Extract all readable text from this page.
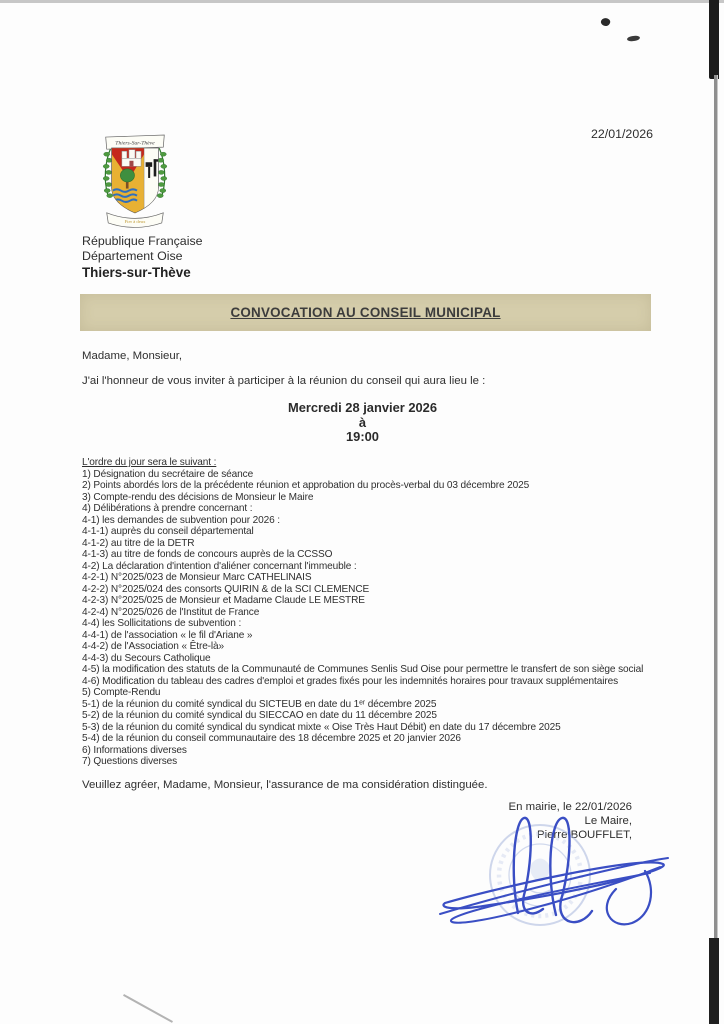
22/01/2026
Thiers-Sur-Thève
Fier à deux
République Française
Département Oise
Thiers-sur-Thève
CONVOCATION AU CONSEIL MUNICIPAL
Madame, Monsieur,
J'ai l'honneur de vous inviter à participer à la réunion du conseil qui aura lieu le :
Mercredi 28 janvier 2026
à
19:00
L'ordre du jour sera le suivant :
1) Désignation du secrétaire de séance
2) Points abordés lors de la précédente réunion et approbation du procès-verbal du 03 décembre 2025
3) Compte-rendu des décisions de Monsieur le Maire
4) Délibérations à prendre concernant :
4-1) les demandes de subvention pour 2026 :
4-1-1) auprès du conseil départemental
4-1-2) au titre de la DETR
4-1-3) au titre de fonds de concours auprès de la CCSSO
4-2) La déclaration d'intention d'aliéner concernant l'immeuble :
4-2-1) N°2025/023 de Monsieur Marc CATHELINAIS
4-2-2) N°2025/024 des consorts QUIRIN & de la SCI CLEMENCE
4-2-3) N°2025/025 de Monsieur et Madame Claude LE MESTRE
4-2-4) N°2025/026 de l'Institut de France
4-4) les Sollicitations de subvention :
4-4-1) de l'association « le fil d'Ariane »
4-4-2) de l'Association « Être-là»
4-4-3) du Secours Catholique
4-5) la modification des statuts de la Communauté de Communes Senlis Sud Oise pour permettre le transfert de son siège social
4-6) Modification du tableau des cadres d'emploi et grades fixés pour les indemnités horaires pour travaux supplémentaires
5) Compte-Rendu
5-1) de la réunion du comité syndical du SICTEUB en date du 1ᵉʳ décembre 2025
5-2) de la réunion du comité syndical du SIECCAO en date du 11 décembre 2025
5-3) de la réunion du comité syndical du syndicat mixte « Oise Très Haut Débit) en date du 17 décembre 2025
5-4) de la réunion du conseil communautaire des 18 décembre 2025 et 20 janvier 2026
6) Informations diverses
7) Questions diverses
Veuillez agréer, Madame, Monsieur, l'assurance de ma considération distinguée.
En mairie, le 22/01/2026
Le Maire,
Pierre BOUFFLET,
